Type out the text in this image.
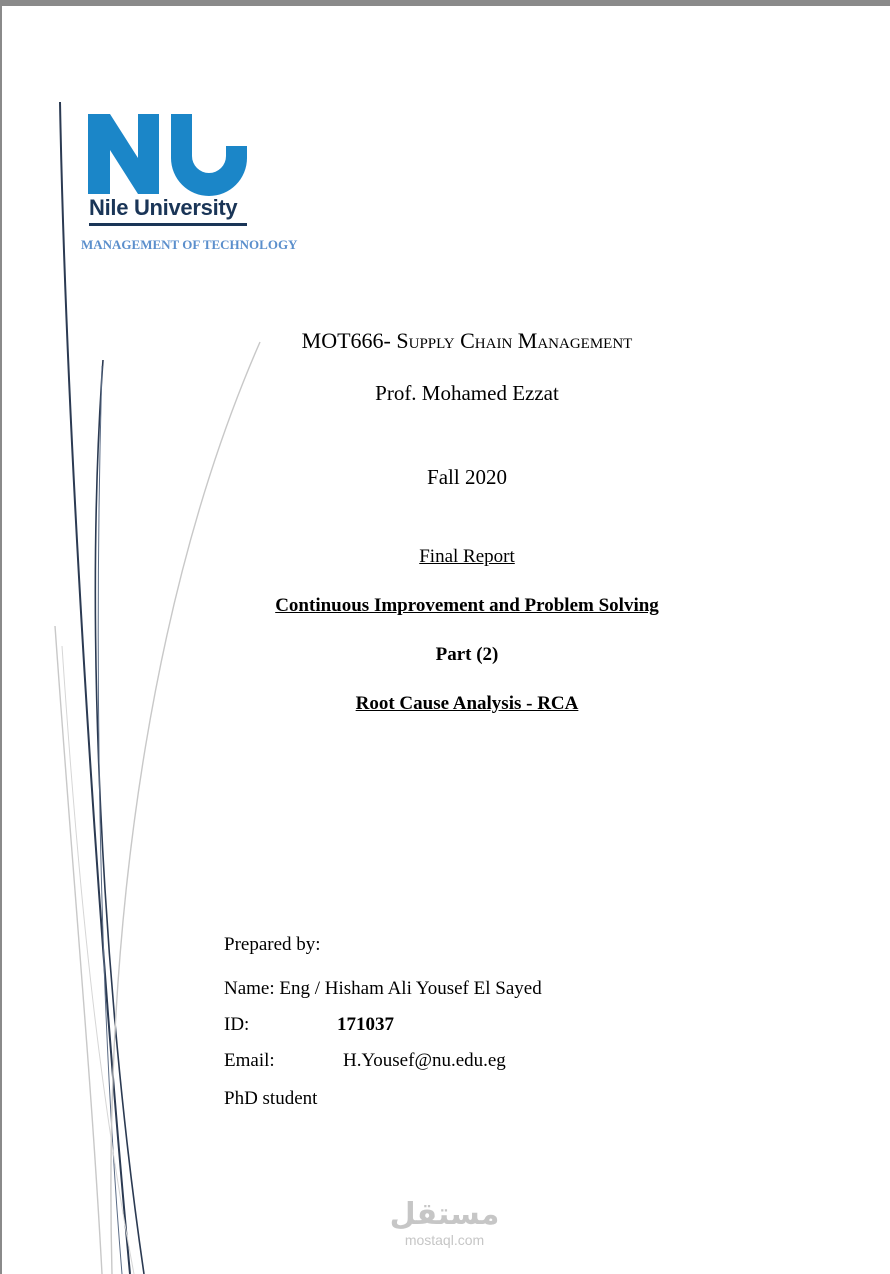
Nile University
MANAGEMENT OF TECHNOLOGY
MOT666- Supply Chain Management
Prof. Mohamed Ezzat
Fall 2020
Final Report
Continuous Improvement and Problem Solving
Part (2)
Root Cause Analysis - RCA
Prepared by:
Name: Eng / Hisham Ali Yousef El Sayed
ID:	171037
Email:	H.Yousef@nu.edu.eg
PhD student
مستقل
mostaql.com
